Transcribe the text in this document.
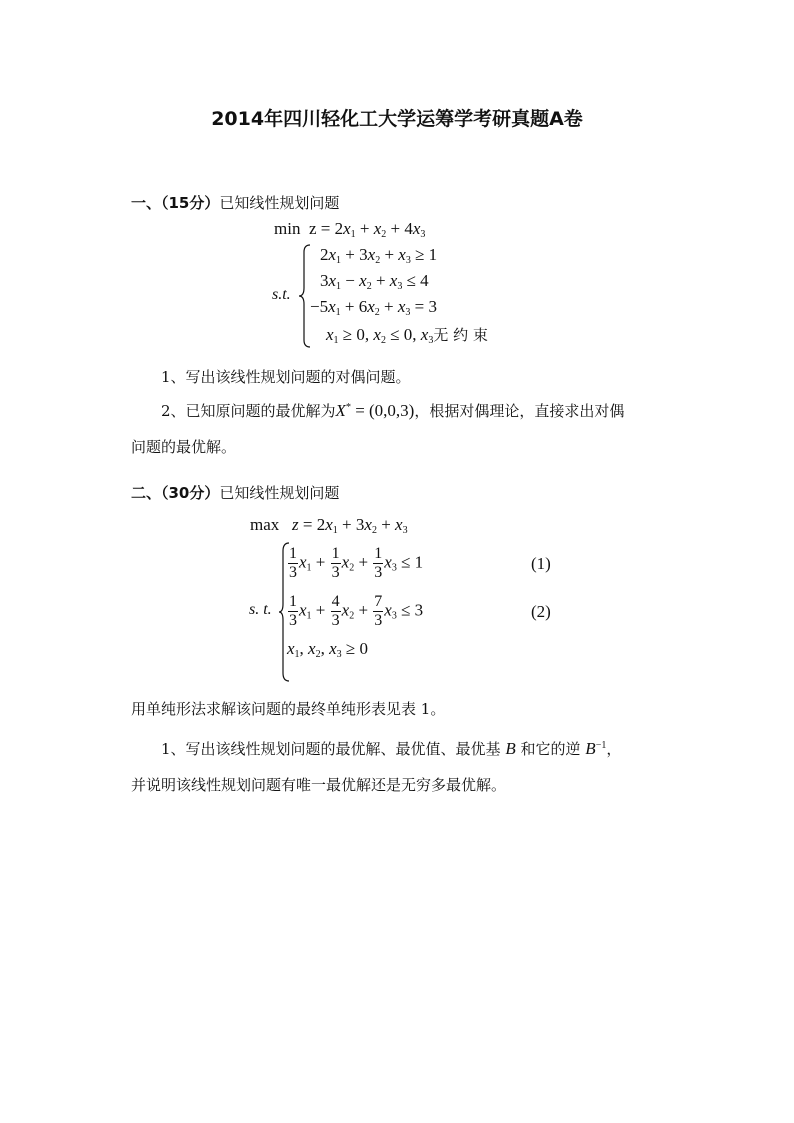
2014年四川轻化工大学运筹学考研真题A卷
一、（15分）已知线性规划问题
$\min z = 2x_1 + x_2 + 4x_3$
s.t.
$2x_1 + 3x_2 + x_3 \ge 1$
$3x_1 - x_2 + x_3 \le 4$
$-5x_1 + 6x_2 + x_3 = 3$
$x_1 \ge 0$, $x_2 \le 0$, $x_3$无 约 束
1、写出该线性规划问题的对偶问题。
2、已知原问题的最优解为X* = (0,0,3)，根据对偶理论，直接求出对偶
问题的最优解。
二、（30分）已知线性规划问题
$\max z = 2x_1 + 3x_2 + x_3$
s. t.
$\frac{1}{3} x_1 + \frac{1}{3} x_2 + \frac{1}{3} x_3 \le 1$	(1)
$\frac{1}{3} x_1 + \frac{4}{3} x_2 + \frac{7}{3} x_3 \le 3$	(2)
$x_1$, $x_2$, $x_3 \ge 0$
用单纯形法求解该问题的最终单纯形表见表 1。
1、写出该线性规划问题的最优解、最优值、最优基 B 和它的逆 $B^{-1}$，
并说明该线性规划问题有唯一最优解还是无穷多最优解。
